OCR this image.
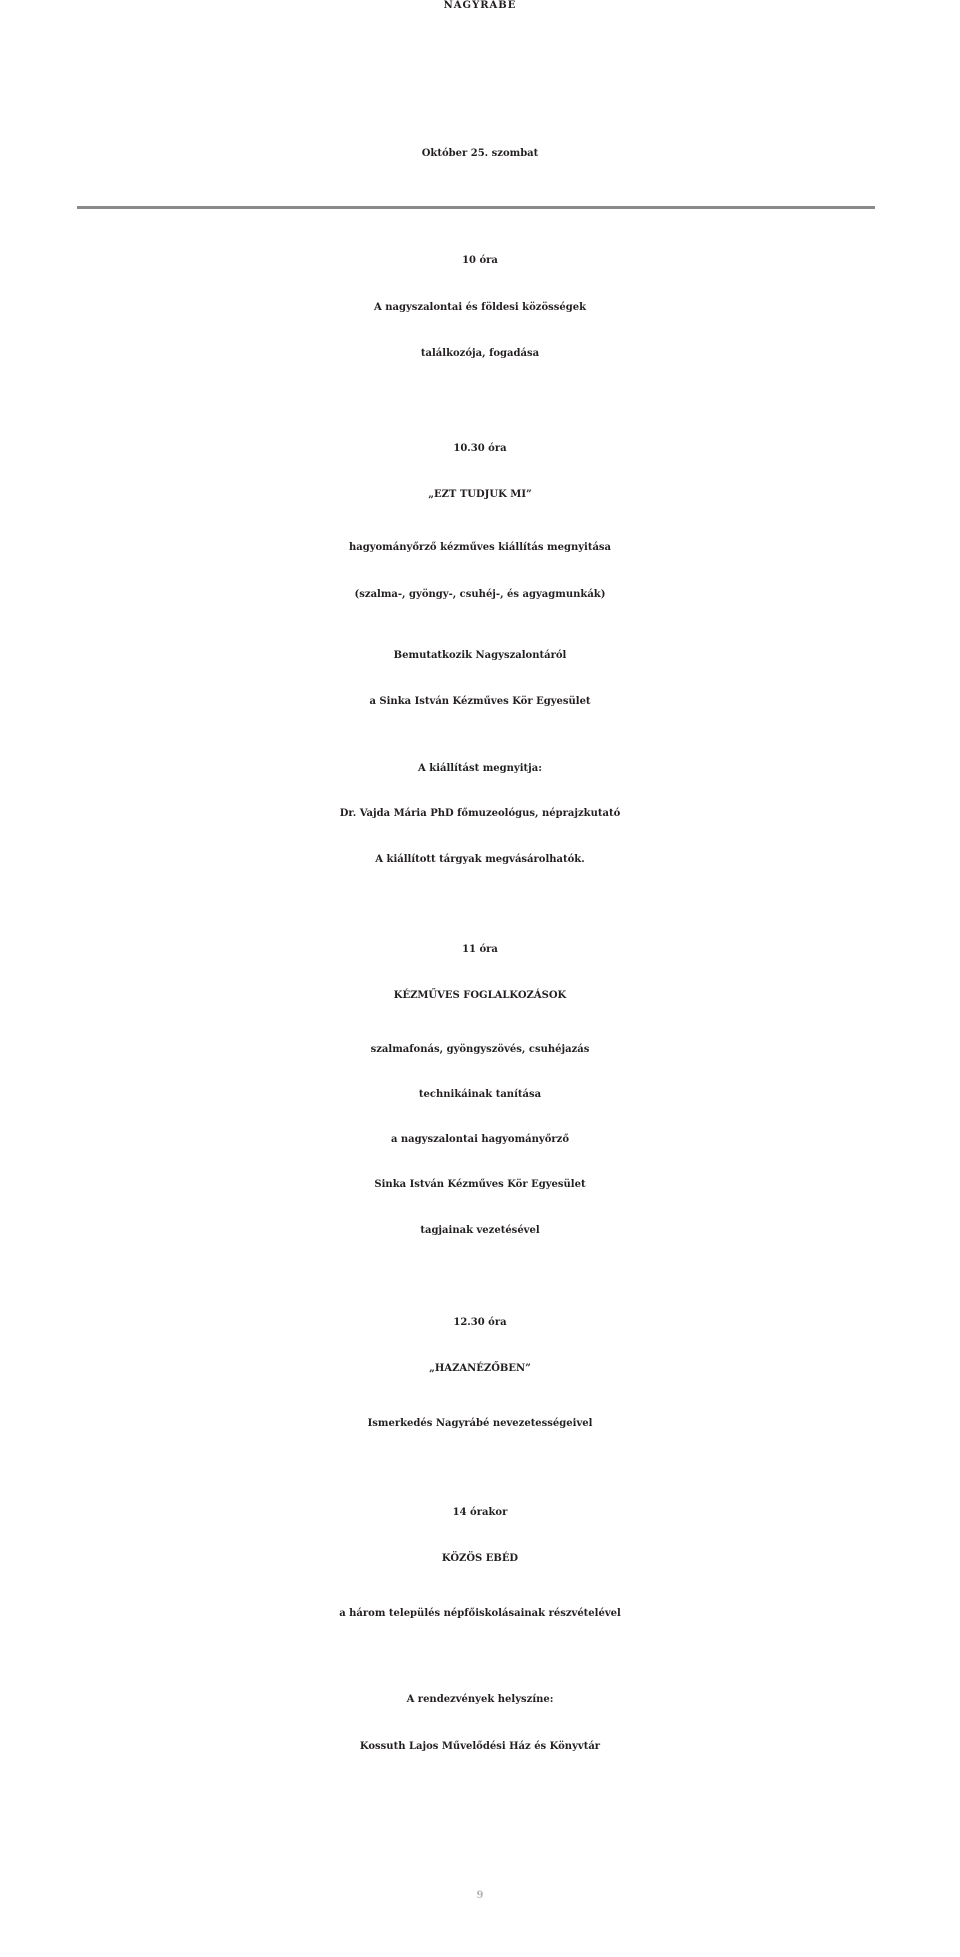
NAGYRÁBÉ
Október 25. szombat
10 óra
A nagyszalontai és földesi közösségek
találkozója, fogadása
10.30 óra
„EZT TUDJUK MI”
hagyományőrző kézműves kiállítás megnyitása
(szalma-, gyöngy-, csuhéj-, és agyagmunkák)
Bemutatkozik Nagyszalontáról
a Sinka István Kézműves Kör Egyesület
A kiállítást megnyitja:
Dr. Vajda Mária PhD főmuzeológus, néprajzkutató
A kiállított tárgyak megvásárolhatók.
11 óra
KÉZMŰVES FOGLALKOZÁSOK
szalmafonás, gyöngyszövés, csuhéjazás
technikáinak tanítása
a nagyszalontai hagyományőrző
Sinka István Kézműves Kör Egyesület
tagjainak vezetésével
12.30 óra
„HAZANÉZŐBEN”
Ismerkedés Nagyrábé nevezetességeivel
14 órakor
KÖZÖS EBÉD
a három település népfőiskolásainak részvételével
A rendezvények helyszíne:
Kossuth Lajos Művelődési Ház és Könyvtár
9
